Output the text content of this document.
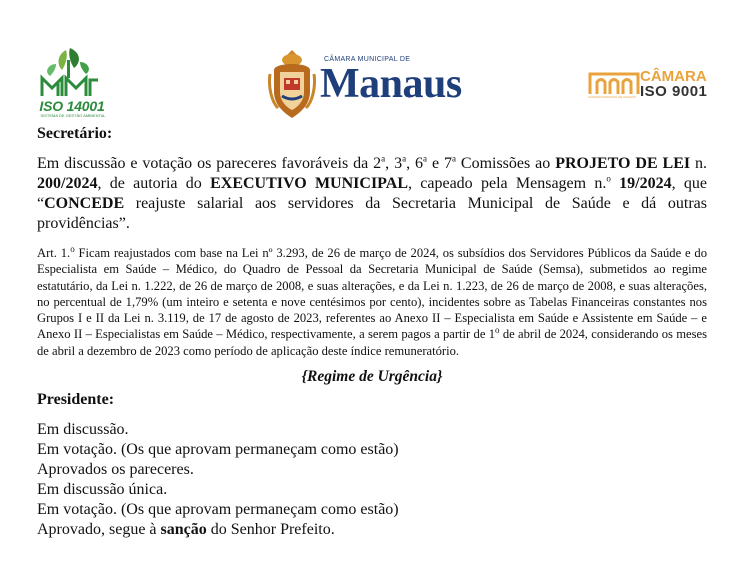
ISO 14001
SISTEMA DE GESTÃO AMBIENTAL
CÂMARA MUNICIPAL DE
Manaus	CÂMARA
ISO 9001
CÂMARA MUNICIPAL DE MANAUS

Secretário:

Em discussão e votação os pareceres favoráveis da 2$^a$, 3$^a$, 6$^a$ e 7$^a$ Comissões ao PROJETO DE LEI n. 200/2024, de autoria do EXECUTIVO MUNICIPAL, capeado pela Mensagem n.$^o$ 19/2024, que “CONCEDE reajuste salarial aos servidores da Secretaria Municipal de Saúde e dá outras providências”.

Art. 1.$^o$ Ficam reajustados com base na Lei nº 3.293, de 26 de março de 2024, os subsídios dos Servidores Públicos da Saúde e do Especialista em Saúde – Médico, do Quadro de Pessoal da Secretaria Municipal de Saúde (Semsa), submetidos ao regime estatutário, da Lei n. 1.222, de 26 de março de 2008, e suas alterações, e da Lei n. 1.223, de 26 de março de 2008, e suas alterações, no percentual de 1,79% (um inteiro e setenta e nove centésimos por cento), incidentes sobre as Tabelas Financeiras constantes nos Grupos I e II da Lei n. 3.119, de 17 de agosto de 2023, referentes ao Anexo II – Especialista em Saúde e Assistente em Saúde – e Anexo II – Especialistas em Saúde – Médico, respectivamente, a serem pagos a partir de 1$^o$ de abril de 2024, considerando os meses de abril a dezembro de 2023 como período de aplicação deste índice remuneratório.

{Regime de Urgência}

Presidente:

Em discussão.

Em votação. (Os que aprovam permaneçam como estão)

Aprovados os pareceres.

Em discussão única.

Em votação. (Os que aprovam permaneçam como estão)

Aprovado, segue à sanção do Senhor Prefeito.
